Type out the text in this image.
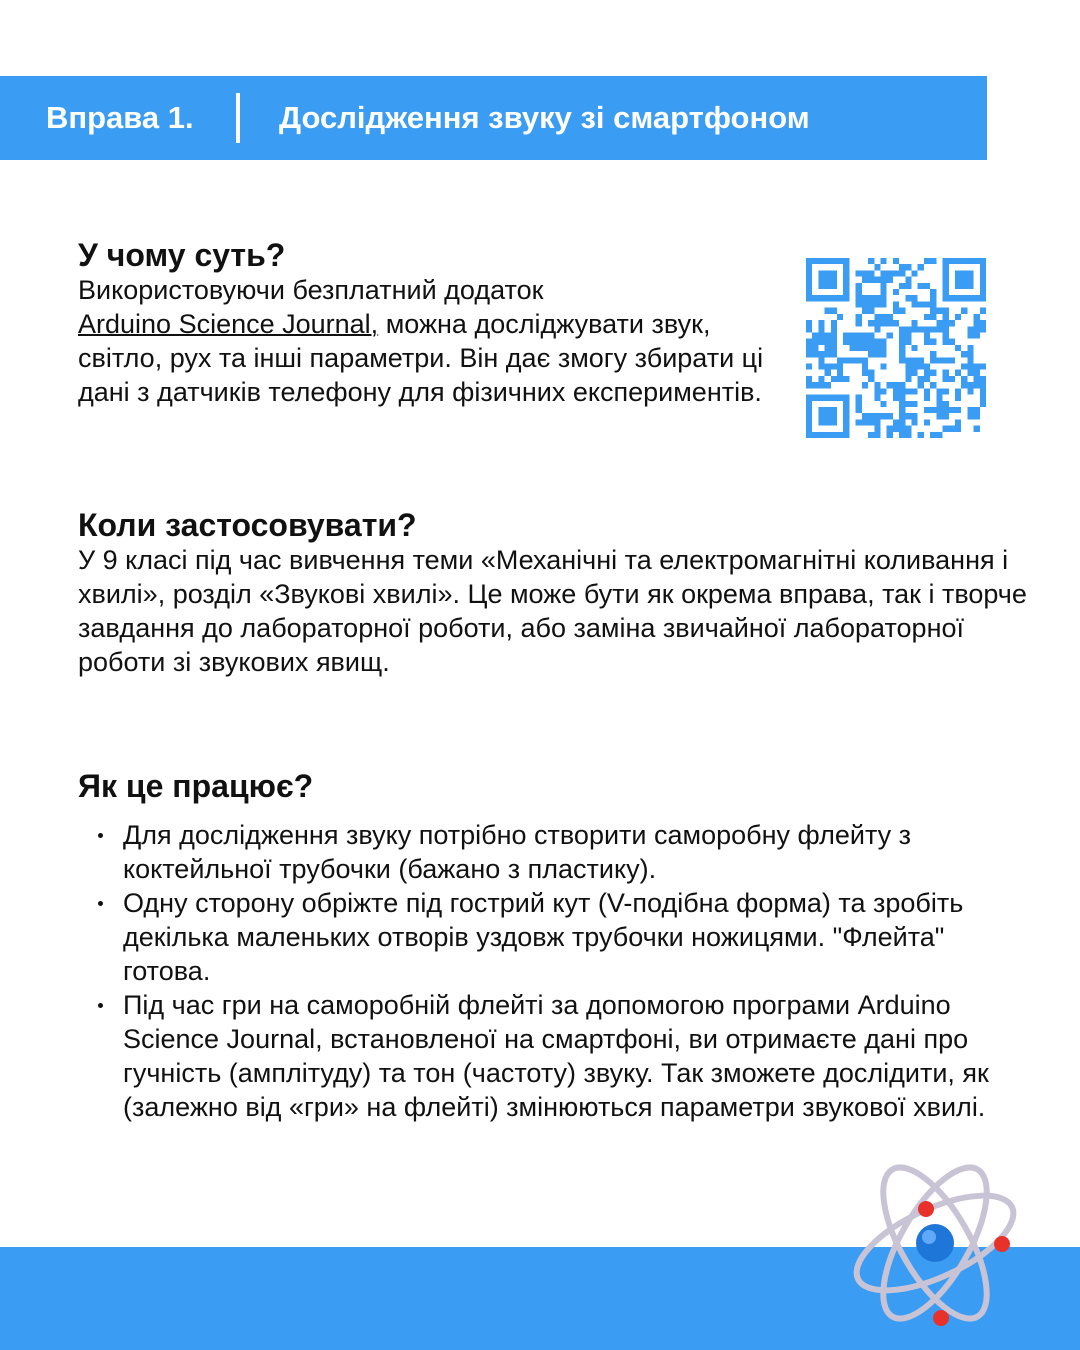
Вправа 1.	Дослідження звуку зі смартфоном
У чому суть?

Використовуючи безплатний додаток
Arduino Science Journal, можна досліджувати звук, світло, рух та інші параметри. Він дає змогу збирати ці дані з датчиків телефону для фізичних експериментів.

Коли застосовувати?

У 9 класі під час вивчення теми «Механічні та електромагнітні коливання і хвилі», розділ «Звукові хвилі». Це може бути як окрема вправа, так і творче завдання до лабораторної роботи, або заміна звичайної лабораторної роботи зі звукових явищ.

Як це працює?
Для дослідження звуку потрібно створити саморобну флейту з коктейльної трубочки (бажано з пластику).
Одну сторону обріжте під гострий кут (V-подібна форма) та зробіть декілька маленьких отворів уздовж трубочки ножицями. "Флейта" готова.
Під час гри на саморобній флейті за допомогою програми Arduino Science Journal, встановленої на смартфоні, ви отримаєте дані про гучність (амплітуду) та тон (частоту) звуку. Так зможете дослідити, як (залежно від «гри» на флейті) змінюються параметри звукової хвилі.
